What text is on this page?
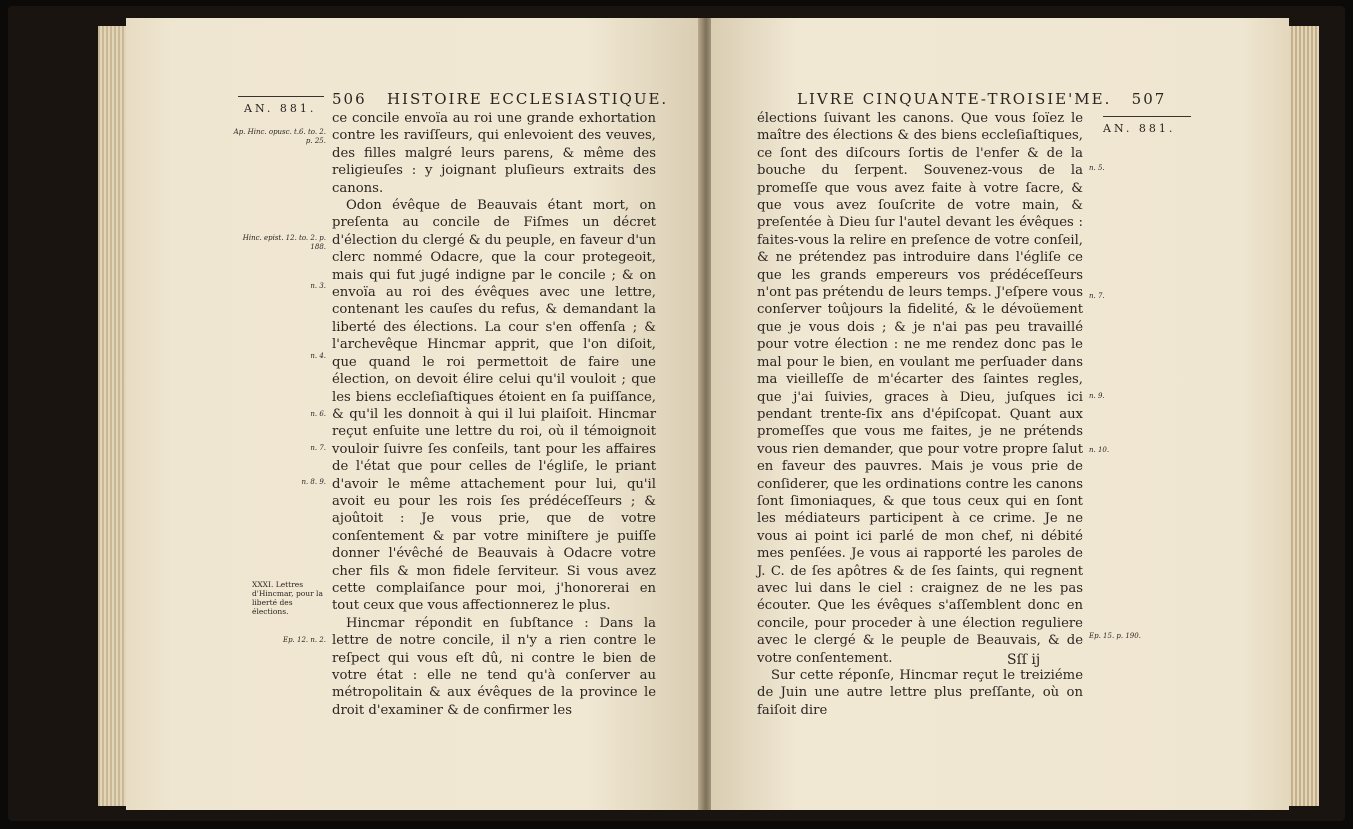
AN. 881.
506 HISTOIRE ECCLESIASTIQUE.
Ap. Hinc. opusc. t.6. to. 2. p. 25.
Hinc. epist. 12. to. 2. p. 188.
n. 3.
n. 4.
n. 6.
n. 7.
n. 8. 9.
XXXI. Lettres d'Hincmar, pour la liberté des élections.
Ep. 12. n. 2.

ce concile envoïa au roi une grande exhortation contre les raviſſeurs, qui enlevoient des veuves, des filles malgré leurs parens, & même des religieuſes : y joignant pluſieurs extraits des canons.

Odon évêque de Beauvais étant mort, on preſenta au concile de Fiſmes un décret d'élection du clergé & du peuple, en faveur d'un clerc nommé Odacre, que la cour protegeoit, mais qui fut jugé indigne par le concile ; & on envoïa au roi des évêques avec une lettre, contenant les cauſes du refus, & demandant la liberté des élections. La cour s'en offenſa ; & l'archevêque Hincmar apprit, que l'on diſoit, que quand le roi permettoit de faire une élection, on devoit élire celui qu'il vouloit ; que les biens eccleſiaſtiques étoient en ſa puiſſance, & qu'il les donnoit à qui il lui plaiſoit. Hincmar reçut enſuite une lettre du roi, où il témoignoit vouloir ſuivre ſes conſeils, tant pour les affaires de l'état que pour celles de l'égliſe, le priant d'avoir le même attachement pour lui, qu'il avoit eu pour les rois ſes prédéceſſeurs ; & ajoûtoit : Je vous prie, que de votre conſentement & par votre miniſtere je puiſſe donner l'évêché de Beauvais à Odacre votre cher fils & mon fidele ſerviteur. Si vous avez cette complaiſance pour moi, j'honorerai en tout ceux que vous affectionnerez le plus.

Hincmar répondit en ſubſtance : Dans la lettre de notre concile, il n'y a rien contre le reſpect qui vous eſt dû, ni contre le bien de votre état : elle ne tend qu'à conſerver au métropolitain & aux évêques de la province le droit d'examiner & de confirmer les

LIVRE CINQUANTE-TROISIE'ME. 507
AN. 881.
n. 5.
n. 7.
n. 9.
n. 10.
Ep. 15. p. 190.

élections ſuivant les canons. Que vous ſoïez le maître des élections & des biens eccleſiaſtiques, ce ſont des diſcours ſortis de l'enfer & de la bouche du ſerpent. Souvenez-vous de la promeſſe que vous avez faite à votre ſacre, & que vous avez ſouſcrite de votre main, & preſentée à Dieu ſur l'autel devant les évêques : faites-vous la relire en preſence de votre conſeil, & ne prétendez pas introduire dans l'égliſe ce que les grands empereurs vos prédéceſſeurs n'ont pas prétendu de leurs temps. J'eſpere vous conſerver toûjours la fidelité, & le dévoüement que je vous dois ; & je n'ai pas peu travaillé pour votre élection : ne me rendez donc pas le mal pour le bien, en voulant me perſuader dans ma vieilleſſe de m'écarter des ſaintes regles, que j'ai ſuivies, graces à Dieu, juſques ici pendant trente-ſix ans d'épiſcopat. Quant aux promeſſes que vous me faites, je ne prétends vous rien demander, que pour votre propre ſalut en faveur des pauvres. Mais je vous prie de conſiderer, que les ordinations contre les canons ſont ſimoniaques, & que tous ceux qui en ſont les médiateurs participent à ce crime. Je ne vous ai point ici parlé de mon chef, ni débité mes penſées. Je vous ai rapporté les paroles de J. C. de ſes apôtres & de ſes ſaints, qui regnent avec lui dans le ciel : craignez de ne les pas écouter. Que les évêques s'aſſemblent donc en concile, pour proceder à une élection reguliere avec le clergé & le peuple de Beauvais, & de votre conſentement.

Sur cette réponſe, Hincmar reçut le treiziéme de Juin une autre lettre plus preſſante, où on faiſoit dire

Sſſ ij
